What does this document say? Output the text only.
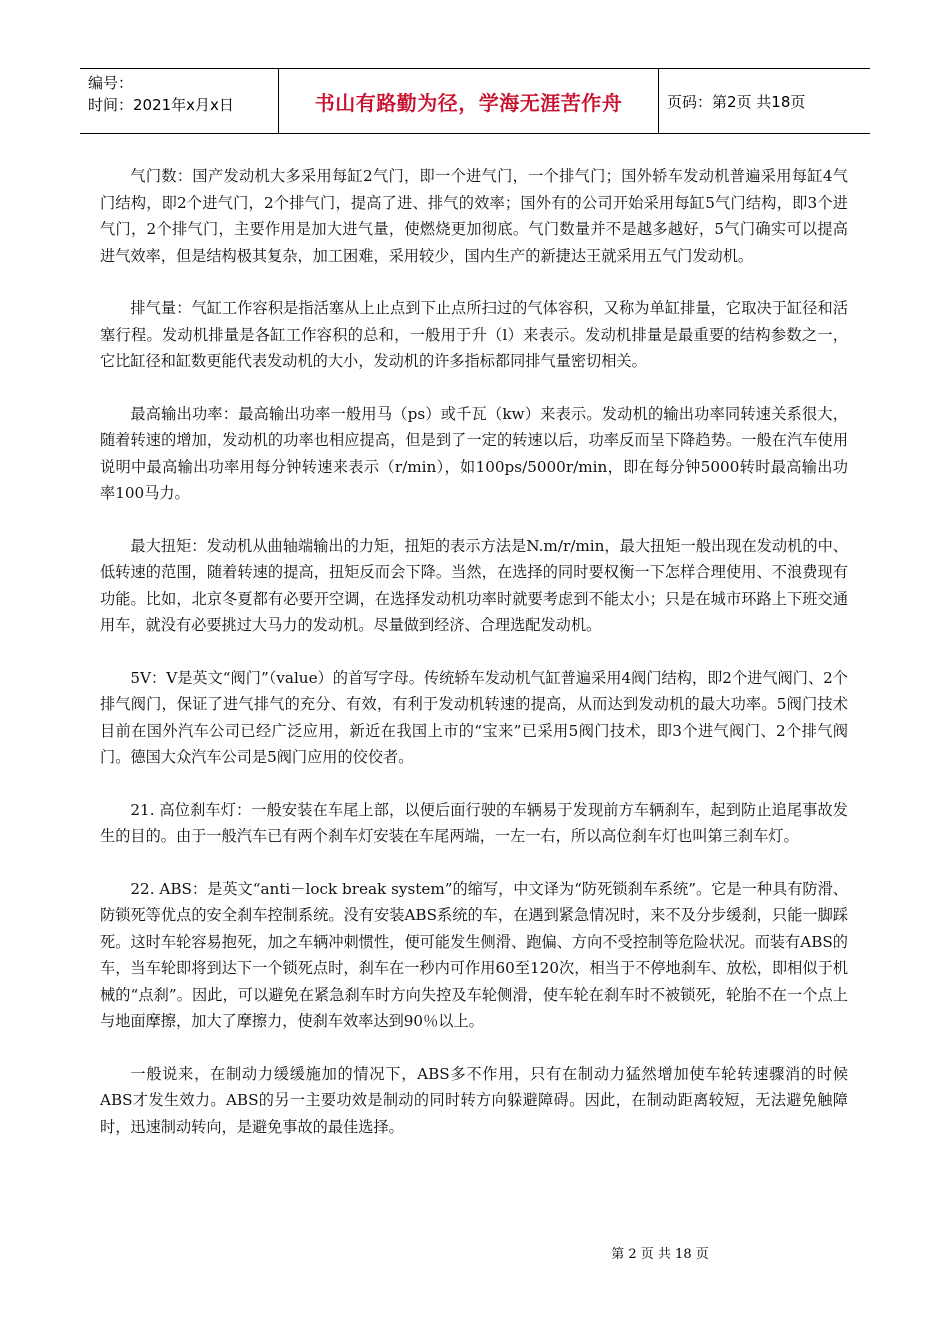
编号：
时间：2021年x月x日	书山有路勤为径，学海无涯苦作舟	页码：第2页 共18页

气门数：国产发动机大多采用每缸2气门，即一个进气门，一个排气门；国外轿车发动机普遍采用每缸4气门结构，即2个进气门，2个排气门，提高了进、排气的效率；国外有的公司开始采用每缸5气门结构，即3个进气门，2个排气门，主要作用是加大进气量，使燃烧更加彻底。气门数量并不是越多越好，5气门确实可以提高进气效率，但是结构极其复杂，加工困难，采用较少，国内生产的新捷达王就采用五气门发动机。

排气量：气缸工作容积是指活塞从上止点到下止点所扫过的气体容积，又称为单缸排量，它取决于缸径和活塞行程。发动机排量是各缸工作容积的总和，一般用于升（l）来表示。发动机排量是最重要的结构参数之一，它比缸径和缸数更能代表发动机的大小，发动机的许多指标都同排气量密切相关。

最高输出功率：最高输出功率一般用马（ps）或千瓦（kw）来表示。发动机的输出功率同转速关系很大，随着转速的增加，发动机的功率也相应提高，但是到了一定的转速以后，功率反而呈下降趋势。一般在汽车使用说明中最高输出功率用每分钟转速来表示（r/min），如100ps/5000r/min，即在每分钟5000转时最高输出功率100马力。

最大扭矩：发动机从曲轴端输出的力矩，扭矩的表示方法是N.m/r/min，最大扭矩一般出现在发动机的中、低转速的范围，随着转速的提高，扭矩反而会下降。当然，在选择的同时要权衡一下怎样合理使用、不浪费现有功能。比如，北京冬夏都有必要开空调，在选择发动机功率时就要考虑到不能太小；只是在城市环路上下班交通用车，就没有必要挑过大马力的发动机。尽量做到经济、合理选配发动机。

5V：V是英文“阀门”（value）的首写字母。传统轿车发动机气缸普遍采用4阀门结构，即2个进气阀门、2个排气阀门，保证了进气排气的充分、有效，有利于发动机转速的提高，从而达到发动机的最大功率。5阀门技术目前在国外汽车公司已经广泛应用，新近在我国上市的“宝来”已采用5阀门技术，即3个进气阀门、2个排气阀门。德国大众汽车公司是5阀门应用的佼佼者。

21. 高位刹车灯：一般安装在车尾上部，以便后面行驶的车辆易于发现前方车辆刹车，起到防止追尾事故发生的目的。由于一般汽车已有两个刹车灯安装在车尾两端，一左一右，所以高位刹车灯也叫第三刹车灯。

22. ABS：是英文“anti－lock break system”的缩写，中文译为“防死锁刹车系统”。它是一种具有防滑、防锁死等优点的安全刹车控制系统。没有安装ABS系统的车，在遇到紧急情况时，来不及分步缓刹，只能一脚踩死。这时车轮容易抱死，加之车辆冲刺惯性，便可能发生侧滑、跑偏、方向不受控制等危险状况。而装有ABS的车，当车轮即将到达下一个锁死点时，刹车在一秒内可作用60至120次，相当于不停地刹车、放松，即相似于机械的“点刹”。因此，可以避免在紧急刹车时方向失控及车轮侧滑，使车轮在刹车时不被锁死，轮胎不在一个点上与地面摩擦，加大了摩擦力，使刹车效率达到90％以上。

一般说来，在制动力缓缓施加的情况下，ABS多不作用，只有在制动力猛然增加使车轮转速骤消的时候ABS才发生效力。ABS的另一主要功效是制动的同时转方向躲避障碍。因此，在制动距离较短，无法避免触障时，迅速制动转向，是避免事故的最佳选择。

第 2 页 共 18 页
